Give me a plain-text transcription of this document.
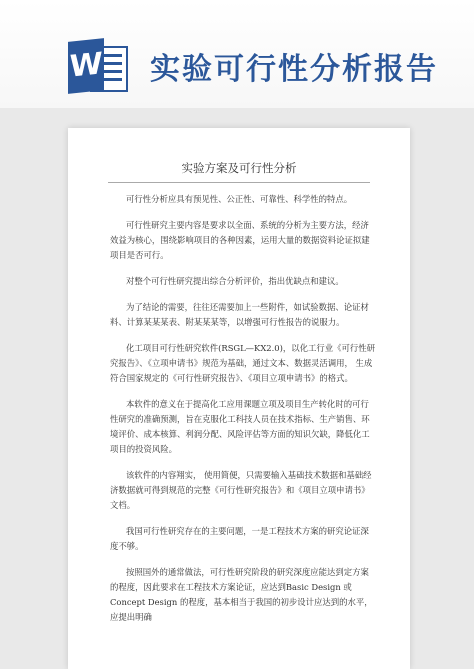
W 实验可行性分析报告
实验方案及可行性分析

可行性分析应具有预见性、公正性、可靠性、科学性的特点。

可行性研究主要内容是要求以全面、系统的分析为主要方法，经济效益为核心，围绕影响项目的各种因素，运用大量的数据资料论证拟建项目是否可行。

对整个可行性研究提出综合分析评价，指出优缺点和建议。

为了结论的需要，往往还需要加上一些附件，如试验数据、论证材料、计算某某某表、附某某某等，以增强可行性报告的说服力。

化工项目可行性研究软件(RSGL—KX2.0)，以化工行业《可行性研究报告》、《立项申请书》规范为基础，通过文本、数据灵活调用， 生成符合国家规定的《可行性研究报告》、《项目立项申请书》的格式。

本软件的意义在于提高化工应用课题立项及项目生产转化时的可行性研究的准确预测，旨在克服化工科技人员在技术指标、生产销售、环境评价、成本核算、利润分配、风险评估等方面的知识欠缺，降低化工项目的投资风险。

该软件的内容翔实， 使用简便，只需要输入基础技术数据和基础经济数据就可得到规范的完整《可行性研究报告》和《项目立项申请书》 文档。

我国可行性研究存在的主要问题，一是工程技术方案的研究论证深度不够。

按照国外的通常做法，可行性研究阶段的研究深度应能达到定方案的程度，因此要求在工程技术方案论证，应达到Basic Design 或Concept Design 的程度，基本相当于我国的初步设计应达到的水平，应提出明确
